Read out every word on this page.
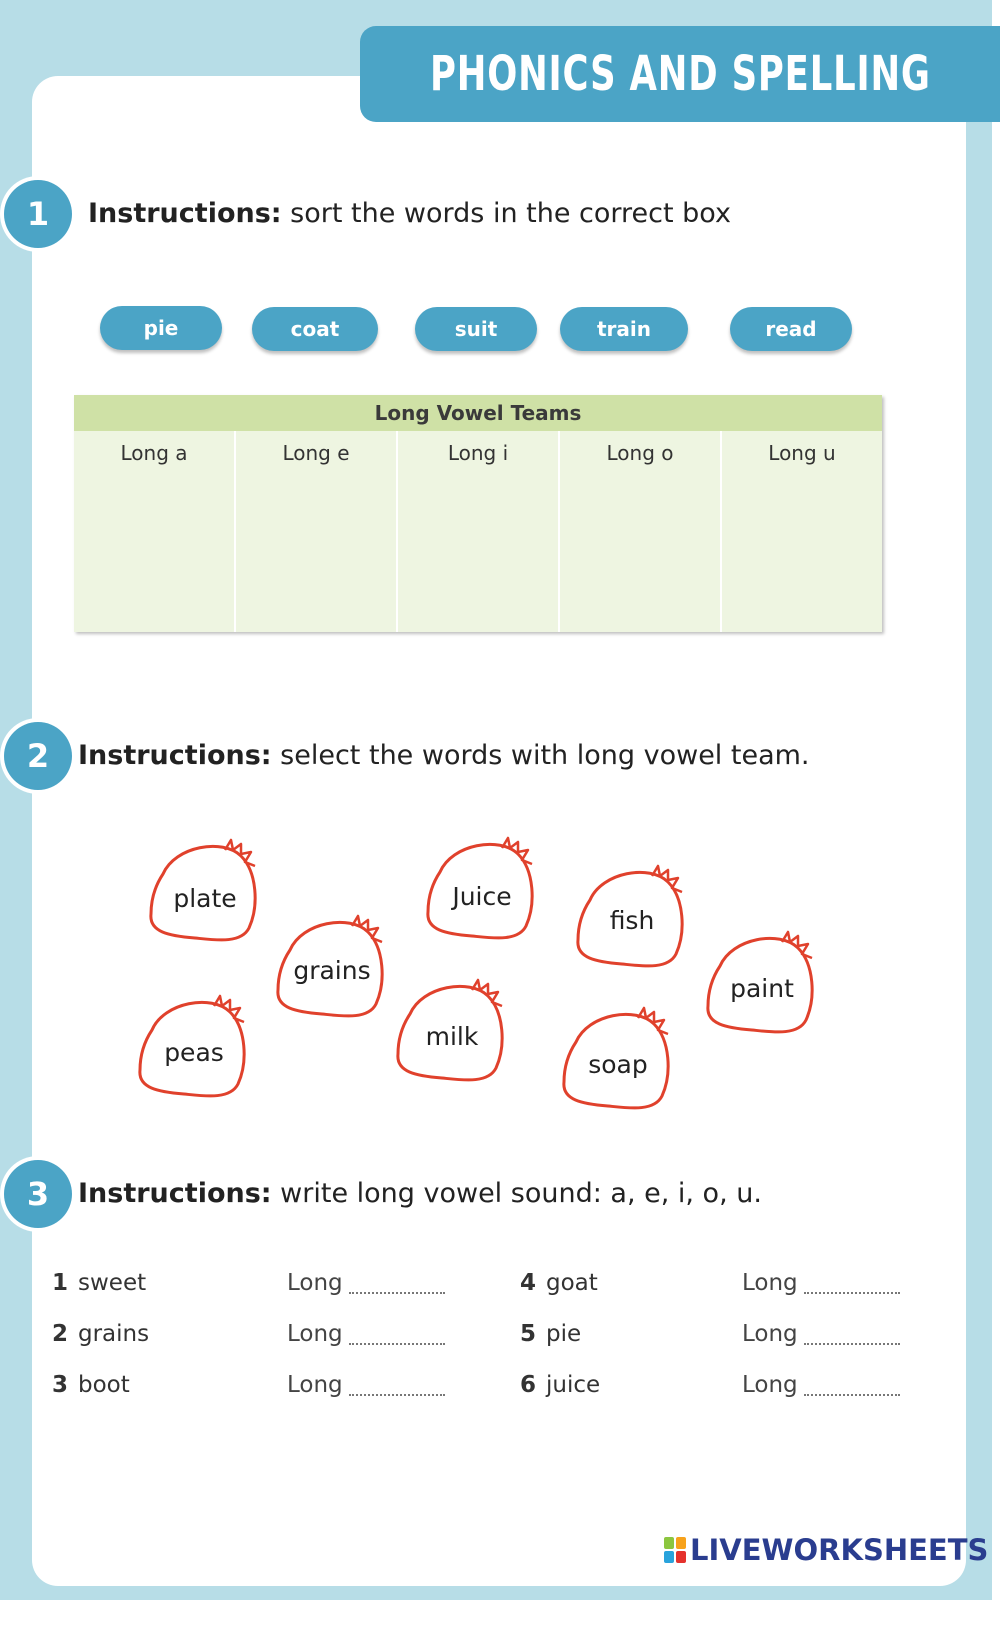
PHONICS AND SPELLING
1	Instructions: sort the words in the correct box
pie	coat	suit	train	read
Long Vowel Teams
Long a	Long e	Long i	Long o	Long u
2	Instructions: select the words with long vowel team.
plate	Juice
fish
grains
paint
peas
milk
soap
3	Instructions: write long vowel sound: a, e, i, o, u.
1 sweet	Long
2 grains	Long
3 boot	Long
4 goat	Long
5 pie	Long
6 juice	Long
LIVEWORKSHEETS
